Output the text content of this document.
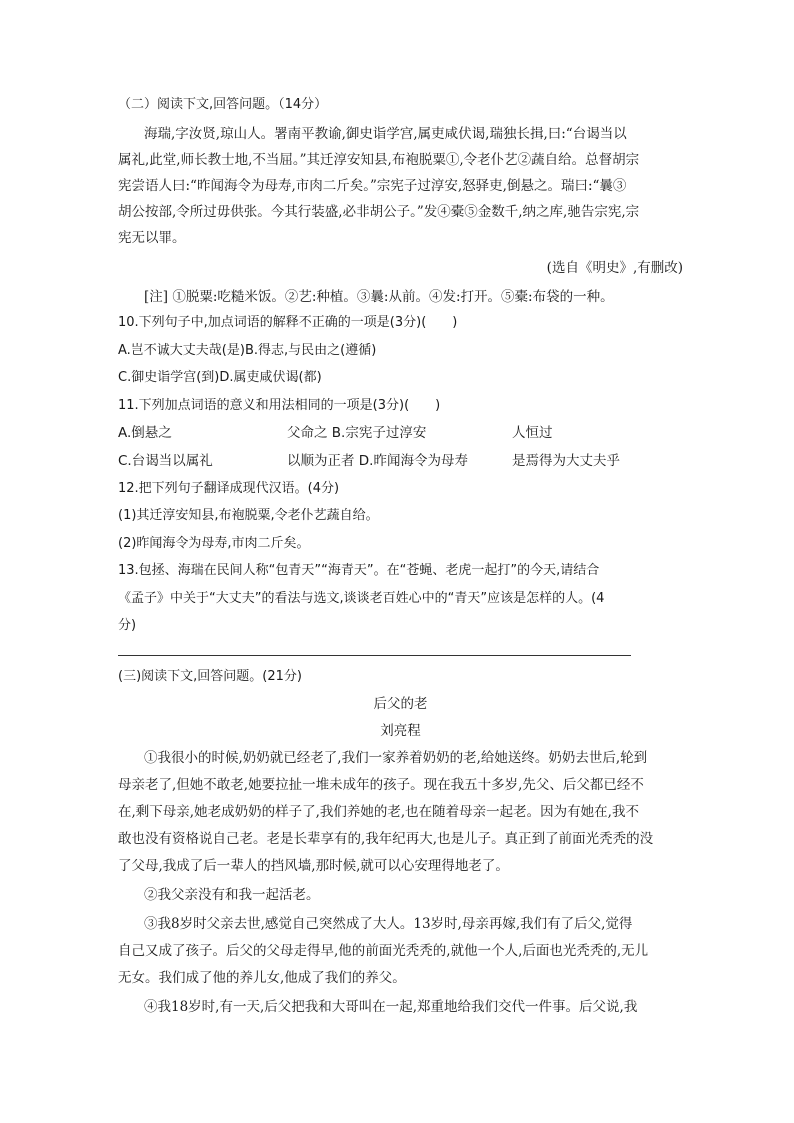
（二）阅读下文,回答问题。（14分）
海瑞,字汝贤,琼山人。署南平教谕,御史诣学宫,属吏咸伏谒,瑞独长揖,曰:“台谒当以
属礼,此堂,师长教士地,不当屈。”其迁淳安知县,布袍脱粟①,令老仆艺②蔬自给。总督胡宗
宪尝语人曰:“昨闻海令为母寿,市肉二斤矣。”宗宪子过淳安,怒驿吏,倒悬之。瑞曰:“曩③
胡公按部,令所过毋供张。今其行装盛,必非胡公子。”发④橐⑤金数千,纳之库,驰告宗宪,宗
宪无以罪。
(选自《明史》,有删改)
[注] ①脱粟:吃糙米饭。②艺:种植。③曩:从前。④发:打开。⑤橐:布袋的一种。
10.下列句子中,加点词语的解释不正确的一项是(3分)(　　)
A.岂不诚大丈夫哉(是)B.得志,与民由之(遵循)
C.御史诣学宫(到)D.属吏咸伏谒(都)
11.下列加点词语的意义和用法相同的一项是(3分)(　　)
A.倒悬之	父命之 B.宗宪子过淳安	人恒过
C.台谒当以属礼	以顺为正者 D.昨闻海令为母寿	是焉得为大丈夫乎
12.把下列句子翻译成现代汉语。(4分)
(1)其迁淳安知县,布袍脱粟,令老仆艺蔬自给。
(2)昨闻海令为母寿,市肉二斤矣。
13.包拯、海瑞在民间人称“包青天”“海青天”。在“苍蝇、老虎一起打”的今天,请结合
《孟子》中关于“大丈夫”的看法与选文,谈谈老百姓心中的“青天”应该是怎样的人。(4
分)
(三)阅读下文,回答问题。(21分)
后父的老
刘亮程
①我很小的时候,奶奶就已经老了,我们一家养着奶奶的老,给她送终。奶奶去世后,轮到
母亲老了,但她不敢老,她要拉扯一堆未成年的孩子。现在我五十多岁,先父、后父都已经不
在,剩下母亲,她老成奶奶的样子了,我们养她的老,也在随着母亲一起老。因为有她在,我不
敢也没有资格说自己老。老是长辈享有的,我年纪再大,也是儿子。真正到了前面光秃秃的没
了父母,我成了后一辈人的挡风墙,那时候,就可以心安理得地老了。
②我父亲没有和我一起活老。
③我8岁时父亲去世,感觉自己突然成了大人。13岁时,母亲再嫁,我们有了后父,觉得
自己又成了孩子。后父的父母走得早,他的前面光秃秃的,就他一个人,后面也光秃秃的,无儿
无女。我们成了他的养儿女,他成了我们的养父。
④我18岁时,有一天,后父把我和大哥叫在一起,郑重地给我们交代一件事。后父说,我
